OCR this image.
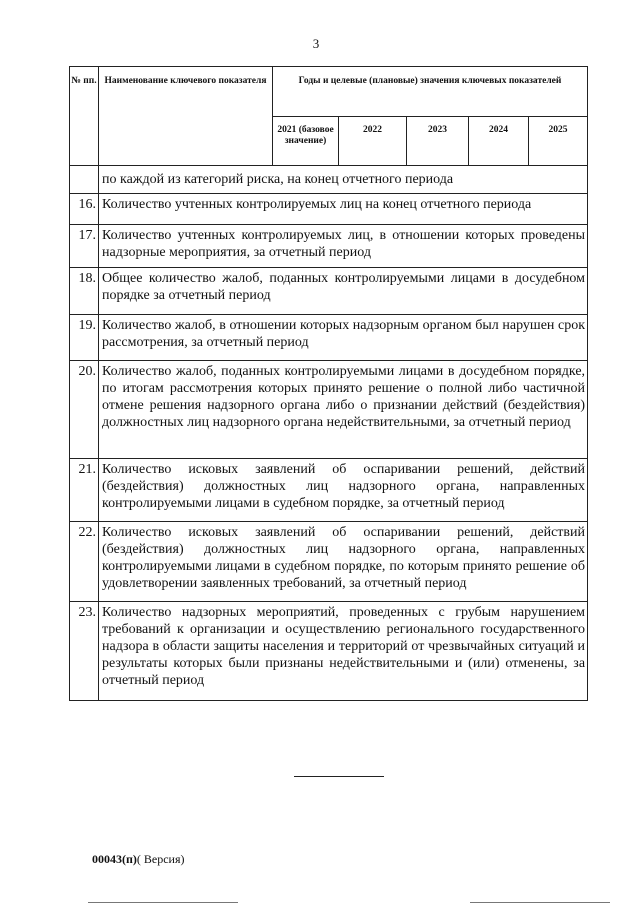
3
№ пп.	Наименование ключевого показателя	Годы и целевые (плановые) значения ключевых показателей				
		2021 (базовое значение)	2022	2023	2024	2025
	по каждой из категорий риска, на конец отчетного периода					
16.	Количество учтенных контролируемых лиц на конец отчетного периода					
17.	Количество учтенных контролируемых лиц, в отношении которых проведены надзорные мероприятия, за отчетный период					
18.	Общее количество жалоб, поданных контролируемыми лицами в досудебном порядке за отчетный период					
19.	Количество жалоб, в отношении которых надзорным органом был нарушен срок рассмотрения, за отчетный период					
20.	Количество жалоб, поданных контролируемыми лицами в досудебном порядке, по итогам рассмотрения которых принято решение о полной либо частичной отмене решения надзорного органа либо о признании действий (бездействия) должностных лиц надзорного органа недействительными, за отчетный период					
21.	Количество исковых заявлений об оспаривании решений, действий (бездействия) должностных лиц надзорного органа, направленных контролируемыми лицами в судебном порядке, за отчетный период					
22.	Количество исковых заявлений об оспаривании решений, действий (бездействия) должностных лиц надзорного органа, направленных контролируемыми лицами в судебном порядке, по которым принято решение об удовлетворении заявленных требований, за отчетный период					
23.	Количество надзорных мероприятий, проведенных с грубым нарушением требований к организации и осуществлению регионального государственного надзора в области защиты населения и территорий от чрезвычайных ситуаций и результаты которых были признаны недействительными и (или) отменены, за отчетный период					
00043(п)( Версия)
